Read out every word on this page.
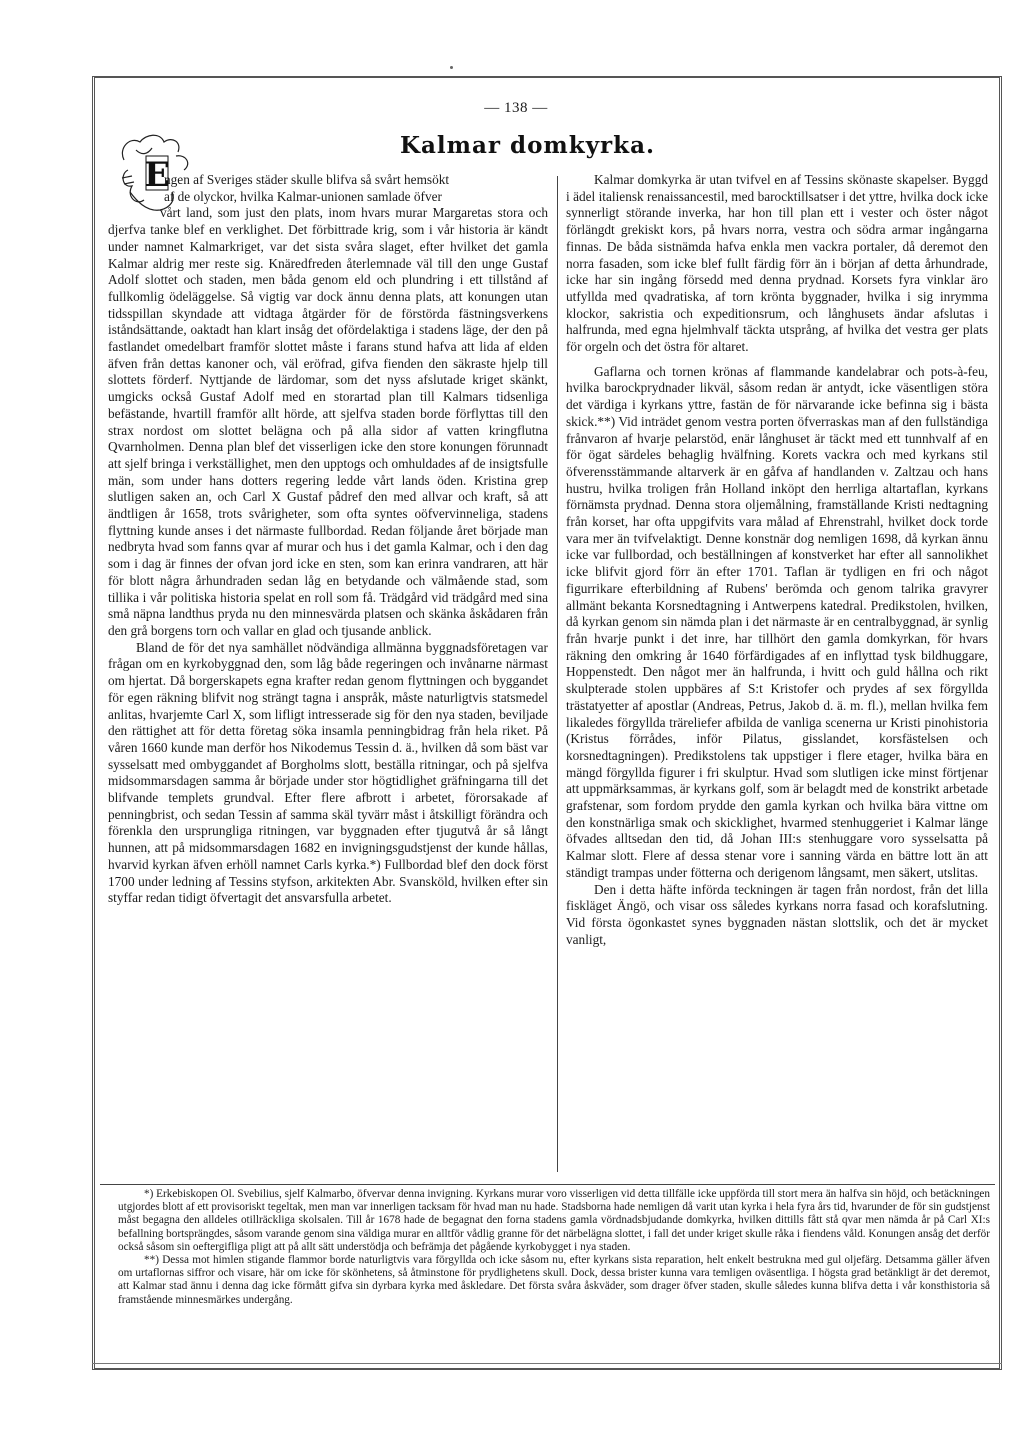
— 138 —
E
Kalmar domkyrka.

ngen af Sveriges städer skulle blifva så svårt hemsökt

af de olyckor, hvilka Kalmar-unionen samlade öfver

vårt land, som just den plats, inom hvars murar Margaretas stora och djerfva tanke blef en verklighet. Det förbittrade krig, som i vår historia är kändt under namnet Kalmarkriget, var det sista svåra slaget, efter hvilket det gamla Kalmar aldrig mer reste sig. Knäredfreden återlemnade väl till den unge Gustaf Adolf slottet och staden, men båda genom eld och plundring i ett tillstånd af fullkomlig ödeläggelse. Så vigtig var dock ännu denna plats, att konungen utan tidsspillan skyndade att vidtaga åtgärder för de förstörda fästningsverkens iståndsättande, oaktadt han klart insåg det ofördelaktiga i stadens läge, der den på fastlandet omedelbart framför slottet måste i farans stund hafva att lida af elden äfven från dettas kanoner och, väl eröfrad, gifva fienden den säkraste hjelp till slottets förderf. Nyttjande de lärdomar, som det nyss afslutade kriget skänkt, umgicks också Gustaf Adolf med en storartad plan till Kalmars tidsenliga befästande, hvartill framför allt hörde, att sjelfva staden borde förflyttas till den strax nordost om slottet belägna och på alla sidor af vatten kringflutna Qvarnholmen. Denna plan blef det visserligen icke den store konungen förunnadt att sjelf bringa i verkställighet, men den upptogs och omhuldades af de insigtsfulle män, som under hans dotters regering ledde vårt lands öden. Kristina grep slutligen saken an, och Carl X Gustaf pådref den med allvar och kraft, så att ändtligen år 1658, trots svårigheter, som ofta syntes oöfvervinneliga, stadens flyttning kunde anses i det närmaste fullbordad. Redan följande året började man nedbryta hvad som fanns qvar af murar och hus i det gamla Kalmar, och i den dag som i dag är finnes der ofvan jord icke en sten, som kan erinra vandraren, att här för blott några århundraden sedan låg en betydande och välmående stad, som tillika i vår politiska historia spelat en roll som få. Trädgård vid trädgård med sina små näpna landthus pryda nu den minnesvärda platsen och skänka åskådaren från den grå borgens torn och vallar en glad och tjusande anblick.

Bland de för det nya samhället nödvändiga allmänna byggnadsföretagen var frågan om en kyrkobyggnad den, som låg både regeringen och invånarne närmast om hjertat. Då borgerskapets egna krafter redan genom flyttningen och byggandet för egen räkning blifvit nog strängt tagna i anspråk, måste naturligtvis statsmedel anlitas, hvarjemte Carl X, som lifligt intresserade sig för den nya staden, beviljade den rättighet att för detta företag söka insamla penningbidrag från hela riket. På våren 1660 kunde man derför hos Nikodemus Tessin d. ä., hvilken då som bäst var sysselsatt med ombyggandet af Borgholms slott, beställa ritningar, och på sjelfva midsommarsdagen samma år började under stor högtidlighet gräfningarna till det blifvande templets grundval. Efter flere afbrott i arbetet, förorsakade af penningbrist, och sedan Tessin af samma skäl tyvärr måst i åtskilligt förändra och förenkla den ursprungliga ritningen, var byggnaden efter tjugutvå år så långt hunnen, att på midsommarsdagen 1682 en invigningsgudstjenst der kunde hållas, hvarvid kyrkan äfven erhöll namnet Carls kyrka.*) Fullbordad blef den dock först 1700 under ledning af Tessins styfson, arkitekten Abr. Svansköld, hvilken efter sin styffar redan tidigt öfvertagit det ansvarsfulla arbetet.

Kalmar domkyrka är utan tvifvel en af Tessins skönaste skapelser. Byggd i ädel italiensk renaissancestil, med barocktillsatser i det yttre, hvilka dock icke synnerligt störande inverka, har hon till plan ett i vester och öster något förlängdt grekiskt kors, på hvars norra, vestra och södra armar ingångarna finnas. De båda sistnämda hafva enkla men vackra portaler, då deremot den norra fasaden, som icke blef fullt färdig förr än i början af detta århundrade, icke har sin ingång försedd med denna prydnad. Korsets fyra vinklar äro utfyllda med qvadratiska, af torn krönta byggnader, hvilka i sig inrymma klockor, sakristia och expeditionsrum, och långhusets ändar afslutas i halfrunda, med egna hjelmhvalf täckta utsprång, af hvilka det vestra ger plats för orgeln och det östra för altaret.

Gaflarna och tornen krönas af flammande kandelabrar och pots-à-feu, hvilka barockprydnader likväl, såsom redan är antydt, icke väsentligen störa det värdiga i kyrkans yttre, fastän de för närvarande icke befinna sig i bästa skick.**) Vid inträdet genom vestra porten öfverraskas man af den fullständiga frånvaron af hvarje pelarstöd, enär långhuset är täckt med ett tunnhvalf af en för ögat särdeles behaglig hvälfning. Korets vackra och med kyrkans stil öfverensstämmande altarverk är en gåfva af handlanden v. Zaltzau och hans hustru, hvilka troligen från Holland inköpt den herrliga altartaflan, kyrkans förnämsta prydnad. Denna stora oljemålning, framställande Kristi nedtagning från korset, har ofta uppgifvits vara målad af Ehrenstrahl, hvilket dock torde vara mer än tvifvelaktigt. Denne konstnär dog nemligen 1698, då kyrkan ännu icke var fullbordad, och beställningen af konstverket har efter all sannolikhet icke blifvit gjord förr än efter 1701. Taflan är tydligen en fri och något figurrikare efterbildning af Rubens' berömda och genom talrika gravyrer allmänt bekanta Korsnedtagning i Antwerpens katedral. Predikstolen, hvilken, då kyrkan genom sin nämda plan i det närmaste är en centralbyggnad, är synlig från hvarje punkt i det inre, har tillhört den gamla domkyrkan, för hvars räkning den omkring år 1640 förfärdigades af en inflyttad tysk bildhuggare, Hoppenstedt. Den något mer än halfrunda, i hvitt och guld hållna och rikt skulpterade stolen uppbäres af S:t Kristofer och prydes af sex förgyllda trästatyetter af apostlar (Andreas, Petrus, Jakob d. ä. m. fl.), mellan hvilka fem likaledes förgyllda träreliefer afbilda de vanliga scenerna ur Kristi pinohistoria (Kristus förrådes, inför Pilatus, gisslandet, korsfästelsen och korsnedtagningen). Predikstolens tak uppstiger i flere etager, hvilka bära en mängd förgyllda figurer i fri skulptur. Hvad som slutligen icke minst förtjenar att uppmärksammas, är kyrkans golf, som är belagdt med de konstrikt arbetade grafstenar, som fordom prydde den gamla kyrkan och hvilka bära vittne om den konstnärliga smak och skicklighet, hvarmed stenhuggeriet i Kalmar länge öfvades alltsedan den tid, då Johan III:s stenhuggare voro sysselsatta på Kalmar slott. Flere af dessa stenar vore i sanning värda en bättre lott än att ständigt trampas under fötterna och derigenom långsamt, men säkert, utslitas.

Den i detta häfte införda teckningen är tagen från nordost, från det lilla fiskläget Ängö, och visar oss således kyrkans norra fasad och korafslutning. Vid första ögonkastet synes byggnaden nästan slottslik, och det är mycket vanligt,

*) Erkebiskopen Ol. Svebilius, sjelf Kalmarbo, öfvervar denna invigning. Kyrkans murar voro visserligen vid detta tillfälle icke uppförda till stort mera än halfva sin höjd, och betäckningen utgjordes blott af ett provisoriskt tegeltak, men man var innerligen tacksam för hvad man nu hade. Stadsborna hade nemligen då varit utan kyrka i hela fyra års tid, hvarunder de för sin gudstjenst måst begagna den alldeles otillräckliga skolsalen. Till år 1678 hade de begagnat den forna stadens gamla vördnadsbjudande domkyrka, hvilken dittills fått stå qvar men nämda år på Carl XI:s befallning bortsprängdes, såsom varande genom sina väldiga murar en alltför vådlig granne för det närbelägna slottet, i fall det under kriget skulle råka i fiendens våld. Konungen ansåg det derför också såsom sin oeftergifliga pligt att på allt sätt understödja och befrämja det pågående kyrkobygget i nya staden.

**) Dessa mot himlen stigande flammor borde naturligtvis vara förgyllda och icke såsom nu, efter kyrkans sista reparation, helt enkelt bestrukna med gul oljefärg. Detsamma gäller äfven om urtaflornas siffror och visare, här om icke för skönhetens, så åtminstone för prydlighetens skull. Dock, dessa brister kunna vara temligen oväsentliga. I högsta grad betänkligt är det deremot, att Kalmar stad ännu i denna dag icke förmått gifva sin dyrbara kyrka med åskledare. Det första svåra åskväder, som drager öfver staden, skulle således kunna blifva detta i vår konsthistoria så framstående minnesmärkes undergång.
